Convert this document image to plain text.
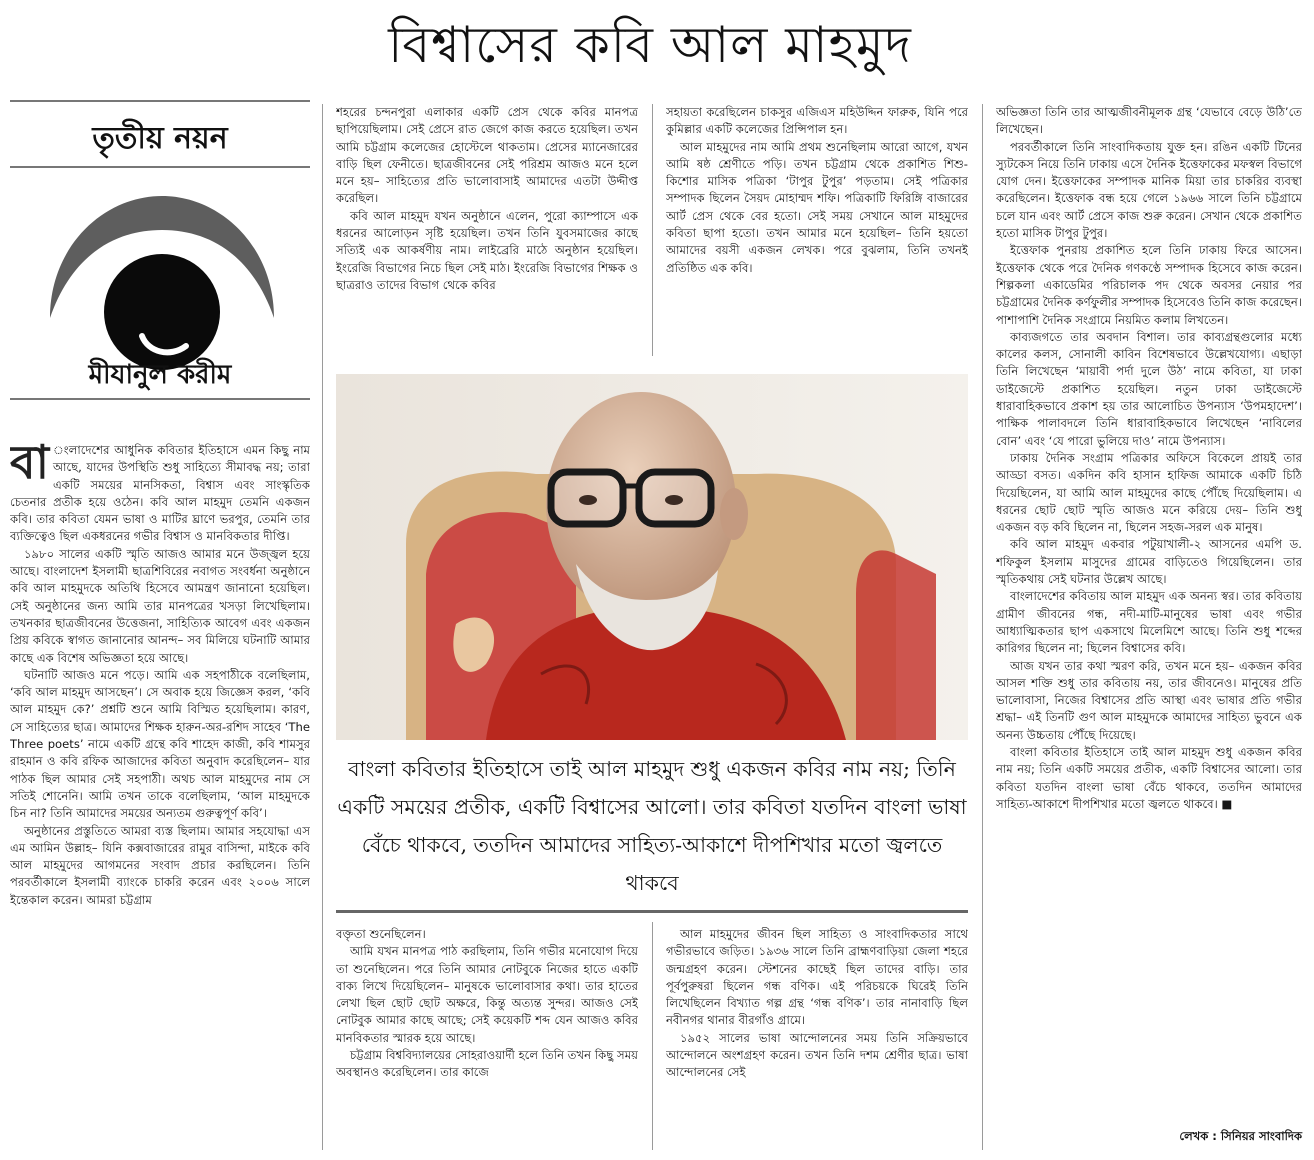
বিশ্বাসের কবি আল মাহমুদ
তৃতীয় নয়ন
মীযানুল করীম

বা ংলাদেশের আধুনিক কবিতার ইতিহাসে এমন কিছু নাম আছে, যাদের উপস্থিতি শুধু সাহিত্যে সীমাবদ্ধ নয়; তারা একটি সময়ের মানসিকতা, বিশ্বাস এবং সাংস্কৃতিক চেতনার প্রতীক হয়ে ওঠেন। কবি আল মাহমুদ তেমনি একজন কবি। তার কবিতা যেমন ভাষা ও মাটির ঘ্রাণে ভরপুর, তেমনি তার ব্যক্তিত্বেও ছিল একধরনের গভীর বিশ্বাস ও মানবিকতার দীপ্তি।

১৯৮০ সালের একটি স্মৃতি আজও আমার মনে উজ্জ্বল হয়ে আছে। বাংলাদেশ ইসলামী ছাত্রশিবিরের নবাগত সংবর্ধনা অনুষ্ঠানে কবি আল মাহমুদকে অতিথি হিসেবে আমন্ত্রণ জানানো হয়েছিল। সেই অনুষ্ঠানের জন্য আমি তার মানপত্রের খসড়া লিখেছিলাম। তখনকার ছাত্রজীবনের উত্তেজনা, সাহিত্যিক আবেগ এবং একজন প্রিয় কবিকে স্বাগত জানানোর আনন্দ– সব মিলিয়ে ঘটনাটি আমার কাছে এক বিশেষ অভিজ্ঞতা হয়ে আছে।

ঘটনাটি আজও মনে পড়ে। আমি এক সহপাঠীকে বলেছিলাম, ‘কবি আল মাহমুদ আসছেন’। সে অবাক হয়ে জিজ্ঞেস করল, ‘কবি আল মাহমুদ কে?’ প্রশ্নটি শুনে আমি বিস্মিত হয়েছিলাম। কারণ, সে সাহিত্যের ছাত্র। আমাদের শিক্ষক হারুন-অর-রশিদ সাহেব ‘The Three poets’ নামে একটি গ্রন্থে কবি শাহেদ কাজী, কবি শামসুর রাহমান ও কবি রফিক আজাদের কবিতা অনুবাদ করেছিলেন– যার পাঠক ছিল আমার সেই সহপাঠী। অথচ আল মাহমুদের নাম সে সতিই শোনেনি। আমি তখন তাকে বলেছিলাম, ‘আল মাহমুদকে চিন না? তিনি আমাদের সময়ের অন্যতম গুরুত্বপূর্ণ কবি’।

অনুষ্ঠানের প্রস্তুতিতে আমরা ব্যস্ত ছিলাম। আমার সহযোদ্ধা এস এম আমিন উল্লাহ– যিনি কক্সবাজারের রামুর বাসিন্দা, মাইকে কবি আল মাহমুদের আগমনের সংবাদ প্রচার করছিলেন। তিনি পরবর্তীকালে ইসলামী ব্যাংকে চাকরি করেন এবং ২০০৬ সালে ইন্তেকাল করেন। আমরা চট্টগ্রাম

শহরের চন্দনপুরা এলাকার একটি প্রেস থেকে কবির মানপত্র ছাপিয়েছিলাম। সেই প্রেসে রাত জেগে কাজ করতে হয়েছিল। তখন আমি চট্টগ্রাম কলেজের হোস্টেলে থাকতাম। প্রেসের ম্যানেজারের বাড়ি ছিল ফেনীতে। ছাত্রজীবনের সেই পরিশ্রম আজও মনে হলে মনে হয়– সাহিত্যের প্রতি ভালোবাসাই আমাদের এতটা উদ্দীপ্ত করেছিল।

কবি আল মাহমুদ যখন অনুষ্ঠানে এলেন, পুরো ক্যাম্পাসে এক ধরনের আলোড়ন সৃষ্টি হয়েছিল। তখন তিনি যুবসমাজের কাছে সত্যিই এক আকর্ষণীয় নাম। লাইব্রেরি মাঠে অনুষ্ঠান হয়েছিল। ইংরেজি বিভাগের নিচে ছিল সেই মাঠ। ইংরেজি বিভাগের শিক্ষক ও ছাত্ররাও তাদের বিভাগ থেকে কবির

সহায়তা করেছিলেন চাকসুর এজিএস মহিউদ্দিন ফারুক, যিনি পরে কুমিল্লার একটি কলেজের প্রিন্সিপাল হন।

আল মাহমুদের নাম আমি প্রথম শুনেছিলাম আরো আগে, যখন আমি ষষ্ঠ শ্রেণীতে পড়ি। তখন চট্টগ্রাম থেকে প্রকাশিত শিশু-কিশোর মাসিক পত্রিকা ‘টাপুর টুপুর’ পড়তাম। সেই পত্রিকার সম্পাদক ছিলেন সৈয়দ মোহাম্মদ শফি। পত্রিকাটি ফিরিঙ্গি বাজারের আর্ট প্রেস থেকে বের হতো। সেই সময় সেখানে আল মাহমুদের কবিতা ছাপা হতো। তখন আমার মনে হয়েছিল– তিনি হয়তো আমাদের বয়সী একজন লেখক। পরে বুঝলাম, তিনি তখনই প্রতিষ্ঠিত এক কবি।

বাংলা কবিতার ইতিহাসে তাই আল মাহমুদ শুধু একজন কবির নাম নয়; তিনি একটি সময়ের প্রতীক, একটি বিশ্বাসের আলো। তার কবিতা যতদিন বাংলা ভাষা বেঁচে থাকবে, ততদিন আমাদের সাহিত্য-আকাশে দীপশিখার মতো জ্বলতে থাকবে

বক্তৃতা শুনেছিলেন।

আমি যখন মানপত্র পাঠ করছিলাম, তিনি গভীর মনোযোগ দিয়ে তা শুনেছিলেন। পরে তিনি আমার নোটবুকে নিজের হাতে একটি বাক্য লিখে দিয়েছিলেন– মানুষকে ভালোবাসার কথা। তার হাতের লেখা ছিল ছোট ছোট অক্ষরে, কিন্তু অত্যন্ত সুন্দর। আজও সেই নোটবুক আমার কাছে আছে; সেই কয়েকটি শব্দ যেন আজও কবির মানবিকতার স্মারক হয়ে আছে।

চট্টগ্রাম বিশ্ববিদ্যালয়ের সোহরাওয়ার্দী হলে তিনি তখন কিছু সময় অবস্থানও করেছিলেন। তার কাজে

আল মাহমুদের জীবন ছিল সাহিত্য ও সাংবাদিকতার সাথে গভীরভাবে জড়িত। ১৯৩৬ সালে তিনি ব্রাহ্মণবাড়িয়া জেলা শহরে জন্মগ্রহণ করেন। স্টেশনের কাছেই ছিল তাদের বাড়ি। তার পূর্বপুরুষরা ছিলেন গন্ধ বণিক। এই পরিচয়কে ঘিরেই তিনি লিখেছিলেন বিখ্যাত গল্প গ্রন্থ ‘গন্ধ বণিক’। তার নানাবাড়ি ছিল নবীনগর থানার বীরগাঁও গ্রামে।

১৯৫২ সালের ভাষা আন্দোলনের সময় তিনি সক্রিয়ভাবে আন্দোলনে অংশগ্রহণ করেন। তখন তিনি দশম শ্রেণীর ছাত্র। ভাষা আন্দোলনের সেই

অভিজ্ঞতা তিনি তার আত্মজীবনীমূলক গ্রন্থ ‘যেভাবে বেড়ে উঠি’তে লিখেছেন।

পরবর্তীকালে তিনি সাংবাদিকতায় যুক্ত হন। রঙিন একটি টিনের স্যুটকেস নিয়ে তিনি ঢাকায় এসে দৈনিক ইত্তেফাকের মফস্বল বিভাগে যোগ দেন। ইত্তেফাকের সম্পাদক মানিক মিয়া তার চাকরির ব্যবস্থা করেছিলেন। ইত্তেফাক বন্ধ হয়ে গেলে ১৯৬৬ সালে তিনি চট্টগ্রামে চলে যান এবং আর্ট প্রেসে কাজ শুরু করেন। সেখান থেকে প্রকাশিত হতো মাসিক টাপুর টুপুর।

ইত্তেফাক পুনরায় প্রকাশিত হলে তিনি ঢাকায় ফিরে আসেন। ইত্তেফাক থেকে পরে দৈনিক গণকণ্ঠে সম্পাদক হিসেবে কাজ করেন। শিল্পকলা একাডেমির পরিচালক পদ থেকে অবসর নেয়ার পর চট্টগ্রামের দৈনিক কর্ণফুলীর সম্পাদক হিসেবেও তিনি কাজ করেছেন। পাশাপাশি দৈনিক সংগ্রামে নিয়মিত কলাম লিখতেন।

কাব্যজগতে তার অবদান বিশাল। তার কাব্যগ্রন্থগুলোর মধ্যে কালের কলস, সোনালী কাবিন বিশেষভাবে উল্লেখযোগ্য। এছাড়া তিনি লিখেছেন ‘মায়াবী পর্দা দুলে উঠ’ নামে কবিতা, যা ঢাকা ডাইজেস্টে প্রকাশিত হয়েছিল। নতুন ঢাকা ডাইজেস্টে ধারাবাহিকভাবে প্রকাশ হয় তার আলোচিত উপন্যাস ‘উপমহাদেশ’। পাক্ষিক পালাবদলে তিনি ধারাবাহিকভাবে লিখেছেন ‘নাবিলের বোন’ এবং ‘যে পারো ভুলিয়ে দাও’ নামে উপন্যাস।

ঢাকায় দৈনিক সংগ্রাম পত্রিকার অফিসে বিকেলে প্রায়ই তার আড্ডা বসত। একদিন কবি হাসান হাফিজ আমাকে একটি চিঠি দিয়েছিলেন, যা আমি আল মাহমুদের কাছে পৌঁছে দিয়েছিলাম। এ ধরনের ছোট ছোট স্মৃতি আজও মনে করিয়ে দেয়– তিনি শুধু একজন বড় কবি ছিলেন না, ছিলেন সহজ-সরল এক মানুষ।

কবি আল মাহমুদ একবার পটুয়াখালী-২ আসনের এমপি ড. শফিকুল ইসলাম মাসুদের গ্রামের বাড়িতেও গিয়েছিলেন। তার স্মৃতিকথায় সেই ঘটনার উল্লেখ আছে।

বাংলাদেশের কবিতায় আল মাহমুদ এক অনন্য স্বর। তার কবিতায় গ্রামীণ জীবনের গন্ধ, নদী-মাটি-মানুষের ভাষা এবং গভীর আধ্যাত্মিকতার ছাপ একসাথে মিলেমিশে আছে। তিনি শুধু শব্দের কারিগর ছিলেন না; ছিলেন বিশ্বাসের কবি।

আজ যখন তার কথা স্মরণ করি, তখন মনে হয়– একজন কবির আসল শক্তি শুধু তার কবিতায় নয়, তার জীবনেও। মানুষের প্রতি ভালোবাসা, নিজের বিশ্বাসের প্রতি আস্থা এবং ভাষার প্রতি গভীর শ্রদ্ধা– এই তিনটি গুণ আল মাহমুদকে আমাদের সাহিত্য ভুবনে এক অনন্য উচ্চতায় পৌঁছে দিয়েছে।

বাংলা কবিতার ইতিহাসে তাই আল মাহমুদ শুধু একজন কবির নাম নয়; তিনি একটি সময়ের প্রতীক, একটি বিশ্বাসের আলো। তার কবিতা যতদিন বাংলা ভাষা বেঁচে থাকবে, ততদিন আমাদের সাহিত্য-আকাশে দীপশিখার মতো জ্বলতে থাকবে। ■

লেখক : সিনিয়র সাংবাদিক
